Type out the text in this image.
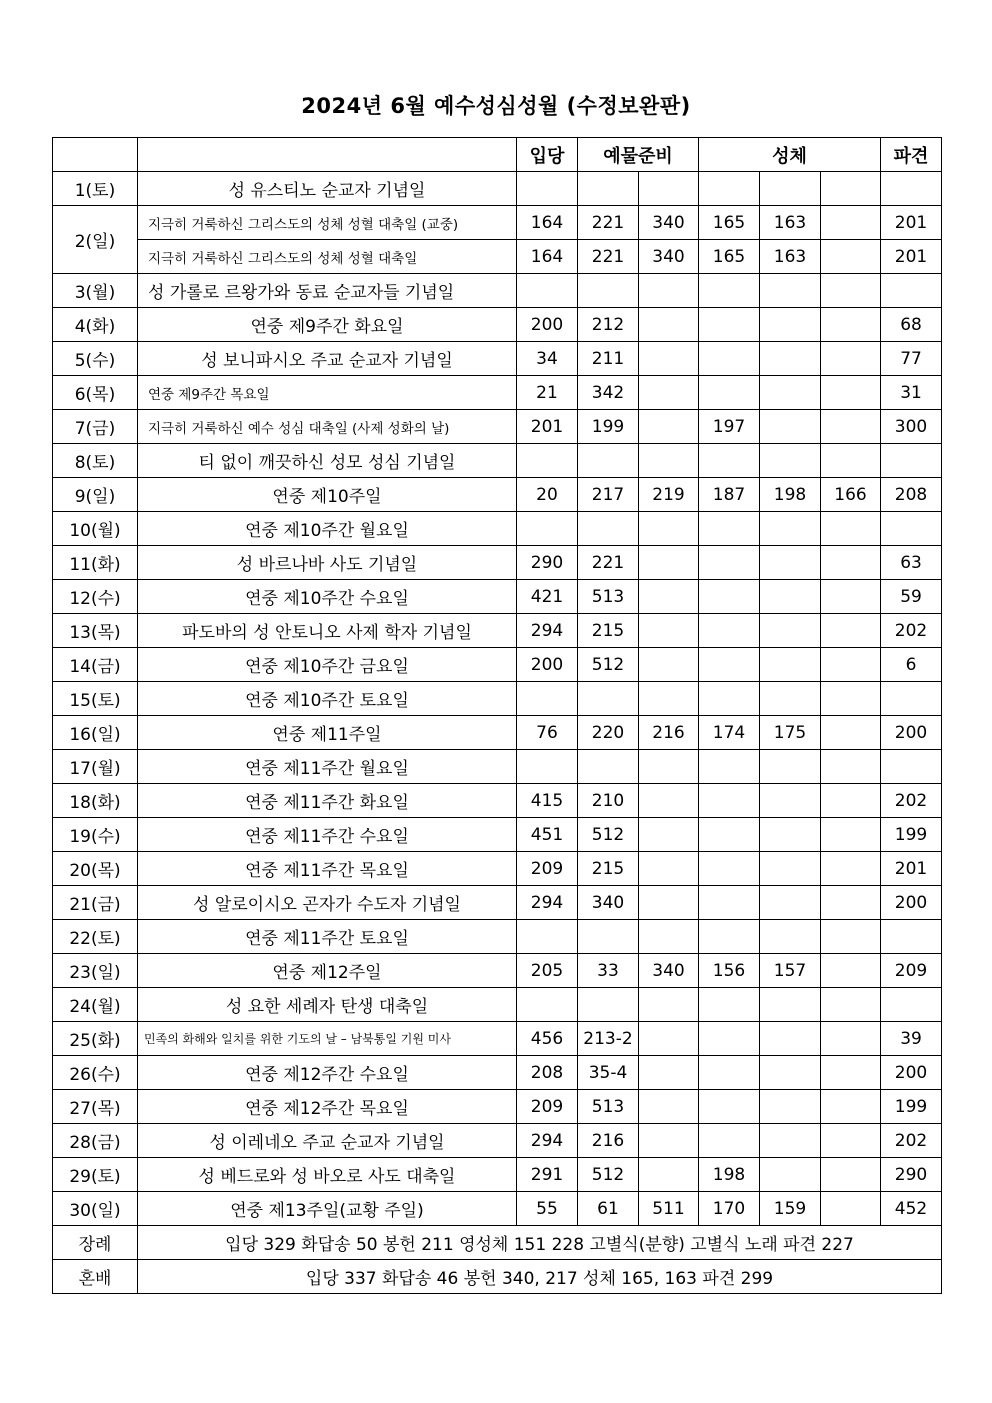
2024년 6월 예수성심성월 (수정보완판)
		입당	예물준비		성체			파견
1(토)	성 유스티노 순교자 기념일							
2(일)	지극히 거룩하신 그리스도의 성체 성혈 대축일 (교중)	164	221	340	165	163		201
	지극히 거룩하신 그리스도의 성체 성혈 대축일	164	221	340	165	163		201
3(월)	성 가롤로 르왕가와 동료 순교자들 기념일							
4(화)	연중 제9주간 화요일	200	212					68
5(수)	성 보니파시오 주교 순교자 기념일	34	211					77
6(목)	연중 제9주간 목요일	21	342					31
7(금)	지극히 거룩하신 예수 성심 대축일 (사제 성화의 날)	201	199		197			300
8(토)	티 없이 깨끗하신 성모 성심 기념일							
9(일)	연중 제10주일	20	217	219	187	198	166	208
10(월)	연중 제10주간 월요일							
11(화)	성 바르나바 사도 기념일	290	221					63
12(수)	연중 제10주간 수요일	421	513					59
13(목)	파도바의 성 안토니오 사제 학자 기념일	294	215					202
14(금)	연중 제10주간 금요일	200	512					6
15(토)	연중 제10주간 토요일							
16(일)	연중 제11주일	76	220	216	174	175		200
17(월)	연중 제11주간 월요일							
18(화)	연중 제11주간 화요일	415	210					202
19(수)	연중 제11주간 수요일	451	512					199
20(목)	연중 제11주간 목요일	209	215					201
21(금)	성 알로이시오 곤자가 수도자 기념일	294	340					200
22(토)	연중 제11주간 토요일							
23(일)	연중 제12주일	205	33	340	156	157		209
24(월)	성 요한 세례자 탄생 대축일							
25(화)	민족의 화해와 일치를 위한 기도의 날 – 남북통일 기원 미사	456	213-2					39
26(수)	연중 제12주간 수요일	208	35-4					200
27(목)	연중 제12주간 목요일	209	513					199
28(금)	성 이레네오 주교 순교자 기념일	294	216					202
29(토)	성 베드로와 성 바오로 사도 대축일	291	512		198			290
30(일)	연중 제13주일(교황 주일)	55	61	511	170	159		452
장례	입당 329 화답송 50 봉헌 211 영성체 151 228 고별식(분향) 고별식 노래 파견 227							
혼배	입당 337 화답송 46 봉헌 340, 217 성체 165, 163 파견 299							
